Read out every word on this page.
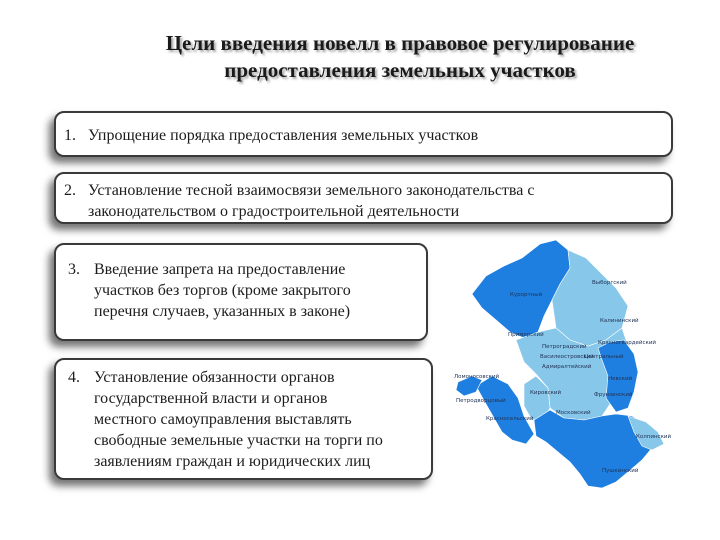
Цели введения новелл в правовое регулирование
предоставления земельных участков
1. Упрощение порядка предоставления земельных участков
2. Установление тесной взаимосвязи земельного законодательства с
законодательством о градостроительной деятельности
3. Введение запрета на предоставление
участков без торгов (кроме закрытого
перечня случаев, указанных в законе)
4. Установление обязанности органов
государственной власти и органов
местного самоуправления выставлять
свободные земельные участки на торги по
заявлениям граждан и юридических лиц
Курортный
Выборгский
Калининский
Приморский
Петроградский
Василеостровский
Адмиралтейский
Центральный
Красногвардейский
Ломоносовский
Петродворцовый
Кировский
Московский
Невский
Фрунзенский
Красносельский
Колпинский
Пушкинский
